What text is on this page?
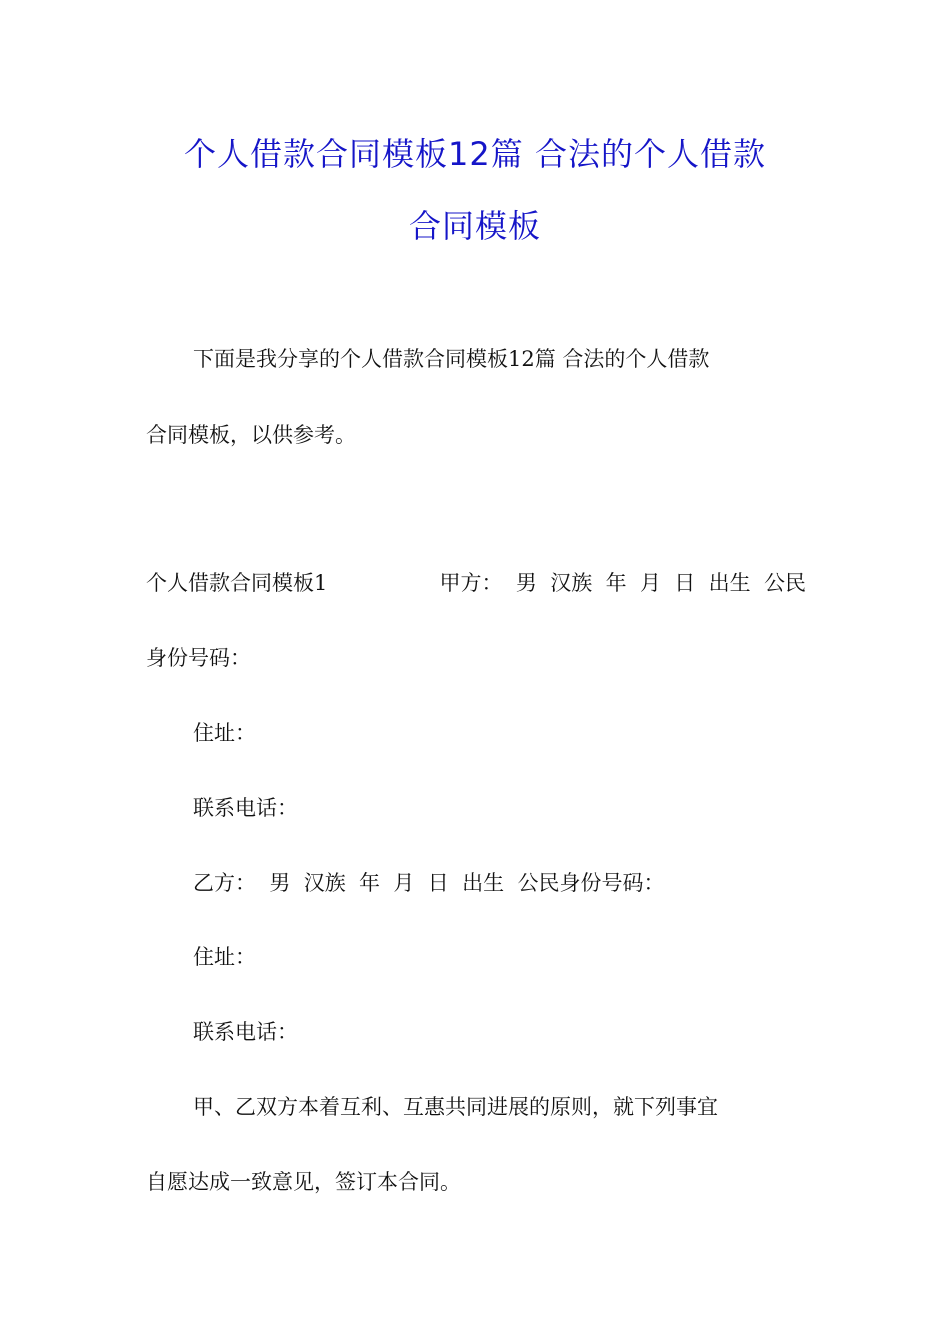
个人借款合同模板12篇 合法的个人借款
合同模板

下面是我分享的个人借款合同模板12篇 合法的个人借款

合同模板，以供参考。

个人借款合同模板1	甲方：  男  汉族  年  月  日  出生  公民

身份号码：

住址：

联系电话：

乙方：  男  汉族  年  月  日  出生  公民身份号码：

住址：

联系电话：

甲、乙双方本着互利、互惠共同进展的原则，就下列事宜

自愿达成一致意见，签订本合同。
